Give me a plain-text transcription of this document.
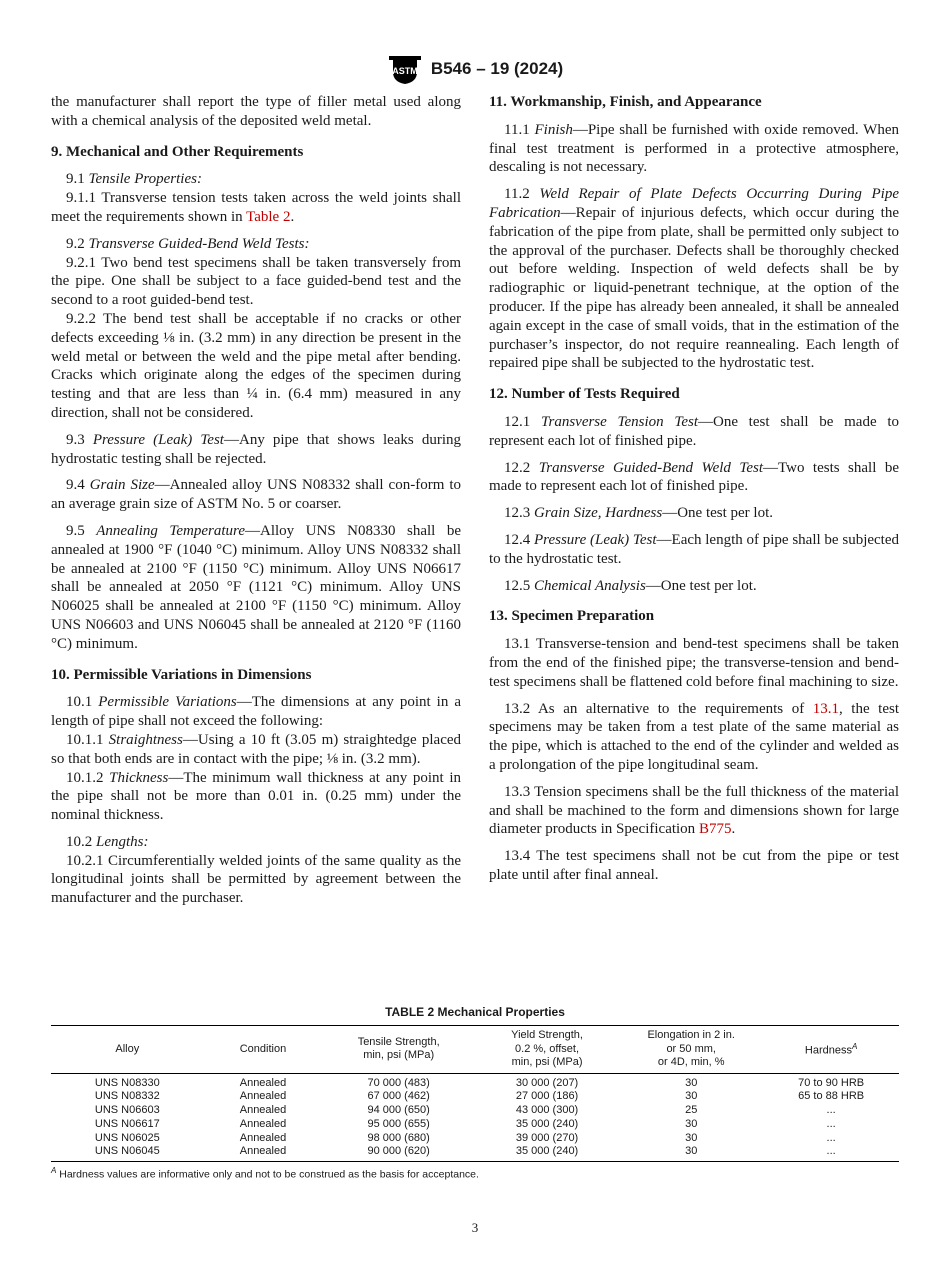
ASTM B546 – 19 (2024)

the manufacturer shall report the type of filler metal used along with a chemical analysis of the deposited weld metal.

9. Mechanical and Other Requirements

9.1 Tensile Properties:

9.1.1 Transverse tension tests taken across the weld joints shall meet the requirements shown in Table 2.

9.2 Transverse Guided-Bend Weld Tests:

9.2.1 Two bend test specimens shall be taken transversely from the pipe. One shall be subject to a face guided-bend test and the second to a root guided-bend test.

9.2.2 The bend test shall be acceptable if no cracks or other defects exceeding ⅛ in. (3.2 mm) in any direction be present in the weld metal or between the weld and the pipe metal after bending. Cracks which originate along the edges of the specimen during testing and that are less than ¼ in. (6.4 mm) measured in any direction, shall not be considered.

9.3 Pressure (Leak) Test—Any pipe that shows leaks during hydrostatic testing shall be rejected.

9.4 Grain Size—Annealed alloy UNS N08332 shall con-form to an average grain size of ASTM No. 5 or coarser.

9.5 Annealing Temperature—Alloy UNS N08330 shall be annealed at 1900 °F (1040 °C) minimum. Alloy UNS N08332 shall be annealed at 2100 °F (1150 °C) minimum. Alloy UNS N06617 shall be annealed at 2050 °F (1121 °C) minimum. Alloy UNS N06025 shall be annealed at 2100 °F (1150 °C) minimum. Alloy UNS N06603 and UNS N06045 shall be annealed at 2120 °F (1160 °C) minimum.

10. Permissible Variations in Dimensions

10.1 Permissible Variations—The dimensions at any point in a length of pipe shall not exceed the following:

10.1.1 Straightness—Using a 10 ft (3.05 m) straightedge placed so that both ends are in contact with the pipe; ⅛ in. (3.2 mm).

10.1.2 Thickness—The minimum wall thickness at any point in the pipe shall not be more than 0.01 in. (0.25 mm) under the nominal thickness.

10.2 Lengths:

10.2.1 Circumferentially welded joints of the same quality as the longitudinal joints shall be permitted by agreement between the manufacturer and the purchaser.

11. Workmanship, Finish, and Appearance

11.1 Finish—Pipe shall be furnished with oxide removed. When final test treatment is performed in a protective atmosphere, descaling is not necessary.

11.2 Weld Repair of Plate Defects Occurring During Pipe Fabrication—Repair of injurious defects, which occur during the fabrication of the pipe from plate, shall be permitted only subject to the approval of the purchaser. Defects shall be thoroughly checked out before welding. Inspection of weld defects shall be by radiographic or liquid-penetrant technique, at the option of the producer. If the pipe has already been annealed, it shall be annealed again except in the case of small voids, that in the estimation of the purchaser’s inspector, do not require reannealing. Each length of repaired pipe shall be subjected to the hydrostatic test.

12. Number of Tests Required

12.1 Transverse Tension Test—One test shall be made to represent each lot of finished pipe.

12.2 Transverse Guided-Bend Weld Test—Two tests shall be made to represent each lot of finished pipe.

12.3 Grain Size, Hardness—One test per lot.

12.4 Pressure (Leak) Test—Each length of pipe shall be subjected to the hydrostatic test.

12.5 Chemical Analysis—One test per lot.

13. Specimen Preparation

13.1 Transverse-tension and bend-test specimens shall be taken from the end of the finished pipe; the transverse-tension and bend-test specimens shall be flattened cold before final machining to size.

13.2 As an alternative to the requirements of 13.1, the test specimens may be taken from a test plate of the same material as the pipe, which is attached to the end of the cylinder and welded as a prolongation of the pipe longitudinal seam.

13.3 Tension specimens shall be the full thickness of the material and shall be machined to the form and dimensions shown for large diameter products in Specification B775.

13.4 The test specimens shall not be cut from the pipe or test plate until after final anneal.

TABLE 2 Mechanical Properties
Alloy	Condition	Tensile Strength,
min, psi (MPa)	Yield Strength,
0.2 %, offset,
min, psi (MPa)	Elongation in 2 in.
or 50 mm,
or 4D, min, %	Hardness$^A$
UNS N08330	Annealed	70 000 (483)	30 000 (207)	30	70 to 90 HRB
UNS N08332	Annealed	67 000 (462)	27 000 (186)	30	65 to 88 HRB
UNS N06603	Annealed	94 000 (650)	43 000 (300)	25	...
UNS N06617	Annealed	95 000 (655)	35 000 (240)	30	...
UNS N06025	Annealed	98 000 (680)	39 000 (270)	30	...
UNS N06045	Annealed	90 000 (620)	35 000 (240)	30	...
$^A$ Hardness values are informative only and not to be construed as the basis for acceptance.
3
